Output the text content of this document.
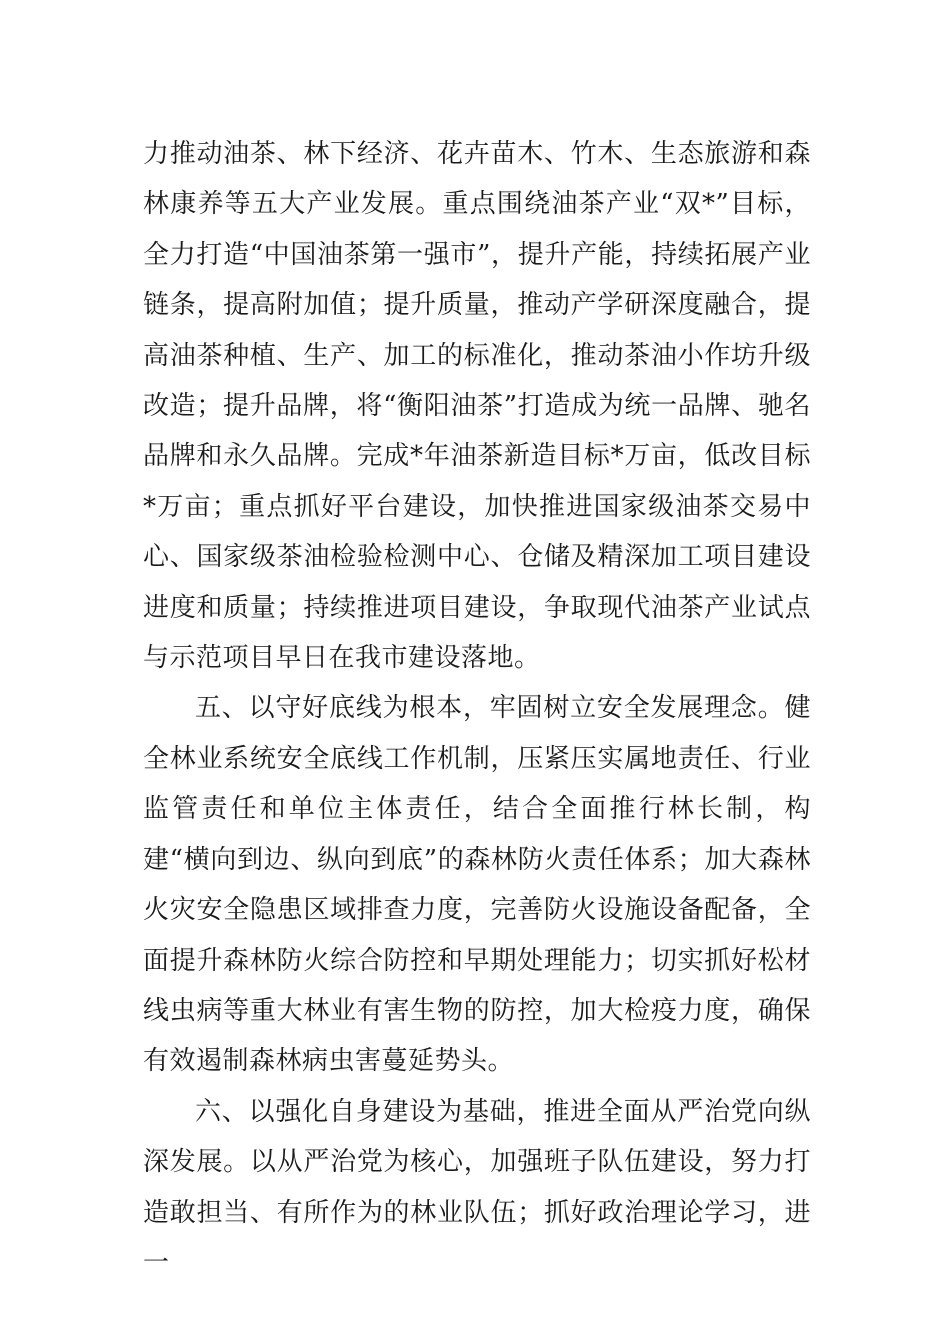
力推动油茶、林下经济、花卉苗木、竹木、生态旅游和森林康养等五大产业发展。重点围绕油茶产业“双*”目标，全力打造“中国油茶第一强市”，提升产能，持续拓展产业链条，提高附加值；提升质量，推动产学研深度融合，提高油茶种植、生产、加工的标准化，推动茶油小作坊升级改造；提升品牌，将“衡阳油茶”打造成为统一品牌、驰名品牌和永久品牌。完成*年油茶新造目标*万亩，低改目标*万亩；重点抓好平台建设，加快推进国家级油茶交易中心、国家级茶油检验检测中心、仓储及精深加工项目建设进度和质量；持续推进项目建设，争取现代油茶产业试点与示范项目早日在我市建设落地。

五、以守好底线为根本，牢固树立安全发展理念。健全林业系统安全底线工作机制，压紧压实属地责任、行业监管责任和单位主体责任，结合全面推行林长制，构建“横向到边、纵向到底”的森林防火责任体系；加大森林火灾安全隐患区域排查力度，完善防火设施设备配备，全面提升森林防火综合防控和早期处理能力；切实抓好松材线虫病等重大林业有害生物的防控，加大检疫力度，确保有效遏制森林病虫害蔓延势头。

六、以强化自身建设为基础，推进全面从严治党向纵深发展。以从严治党为核心，加强班子队伍建设，努力打造敢担当、有所作为的林业队伍；抓好政治理论学习，进一
